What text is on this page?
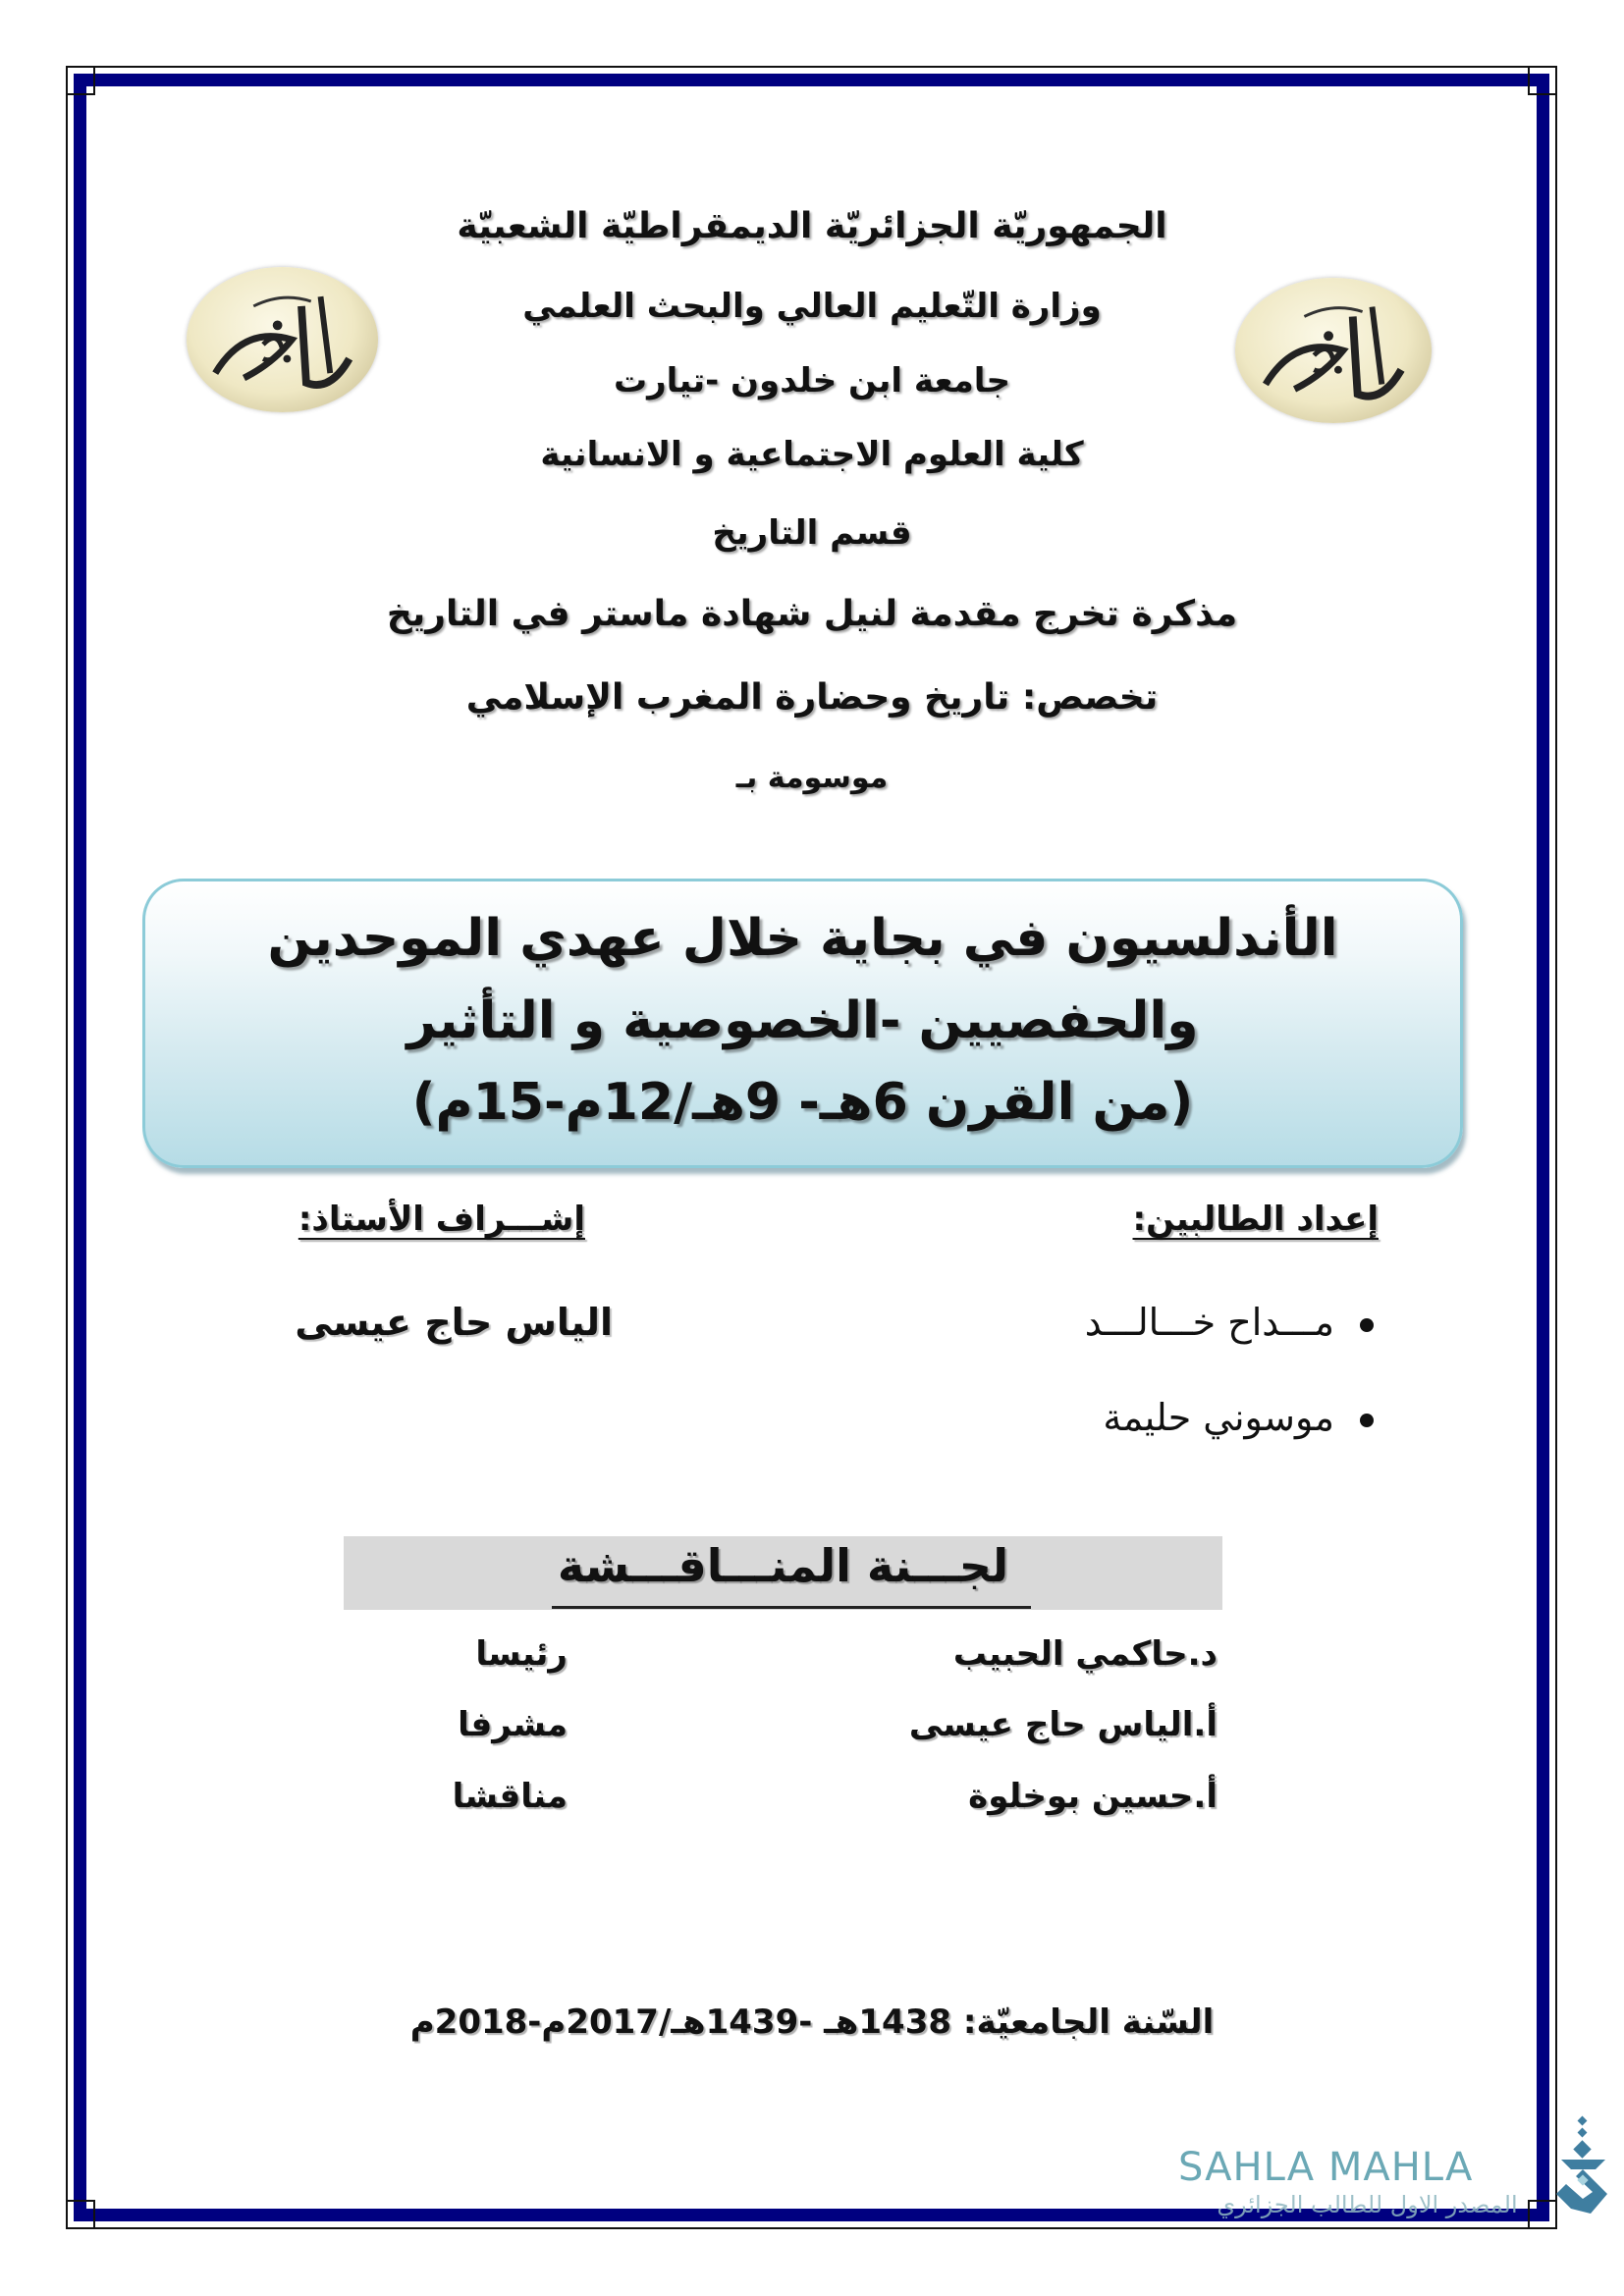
الجمهوريّة الجزائريّة الديمقراطيّة الشعبيّة
وزارة التّعليم العالي والبحث العلمي
جامعة ابن خلدون -تيارت
كلية العلوم الاجتماعية و الانسانية
قسم التاريخ
مذكرة تخرج مقدمة لنيل شهادة ماستر في التاريخ
تخصص: تاريخ وحضارة المغرب الإسلامي
موسومة بـ
الأندلسيون في بجاية خلال عهدي الموحدين
والحفصيين -الخصوصية و التأثير
(من القرن 6هـ- 9هـ/12م-15م)
إعداد الطالبين:
إشـــراف الأستاذ:
مـــداح خـــالـــد
موسوني حليمة
الياس حاج عيسى
لجـــنة المنـــاقـــشة
د.حاكمي الحبيب
رئيسا
أ.الياس حاج عيسى
مشرفا
أ.حسين بوخلوة
مناقشا
السّنة الجامعيّة: 1438هـ -1439هـ/2017م-2018م
SAHLA MAHLA
المصدر الاول للطالب الجزائري
